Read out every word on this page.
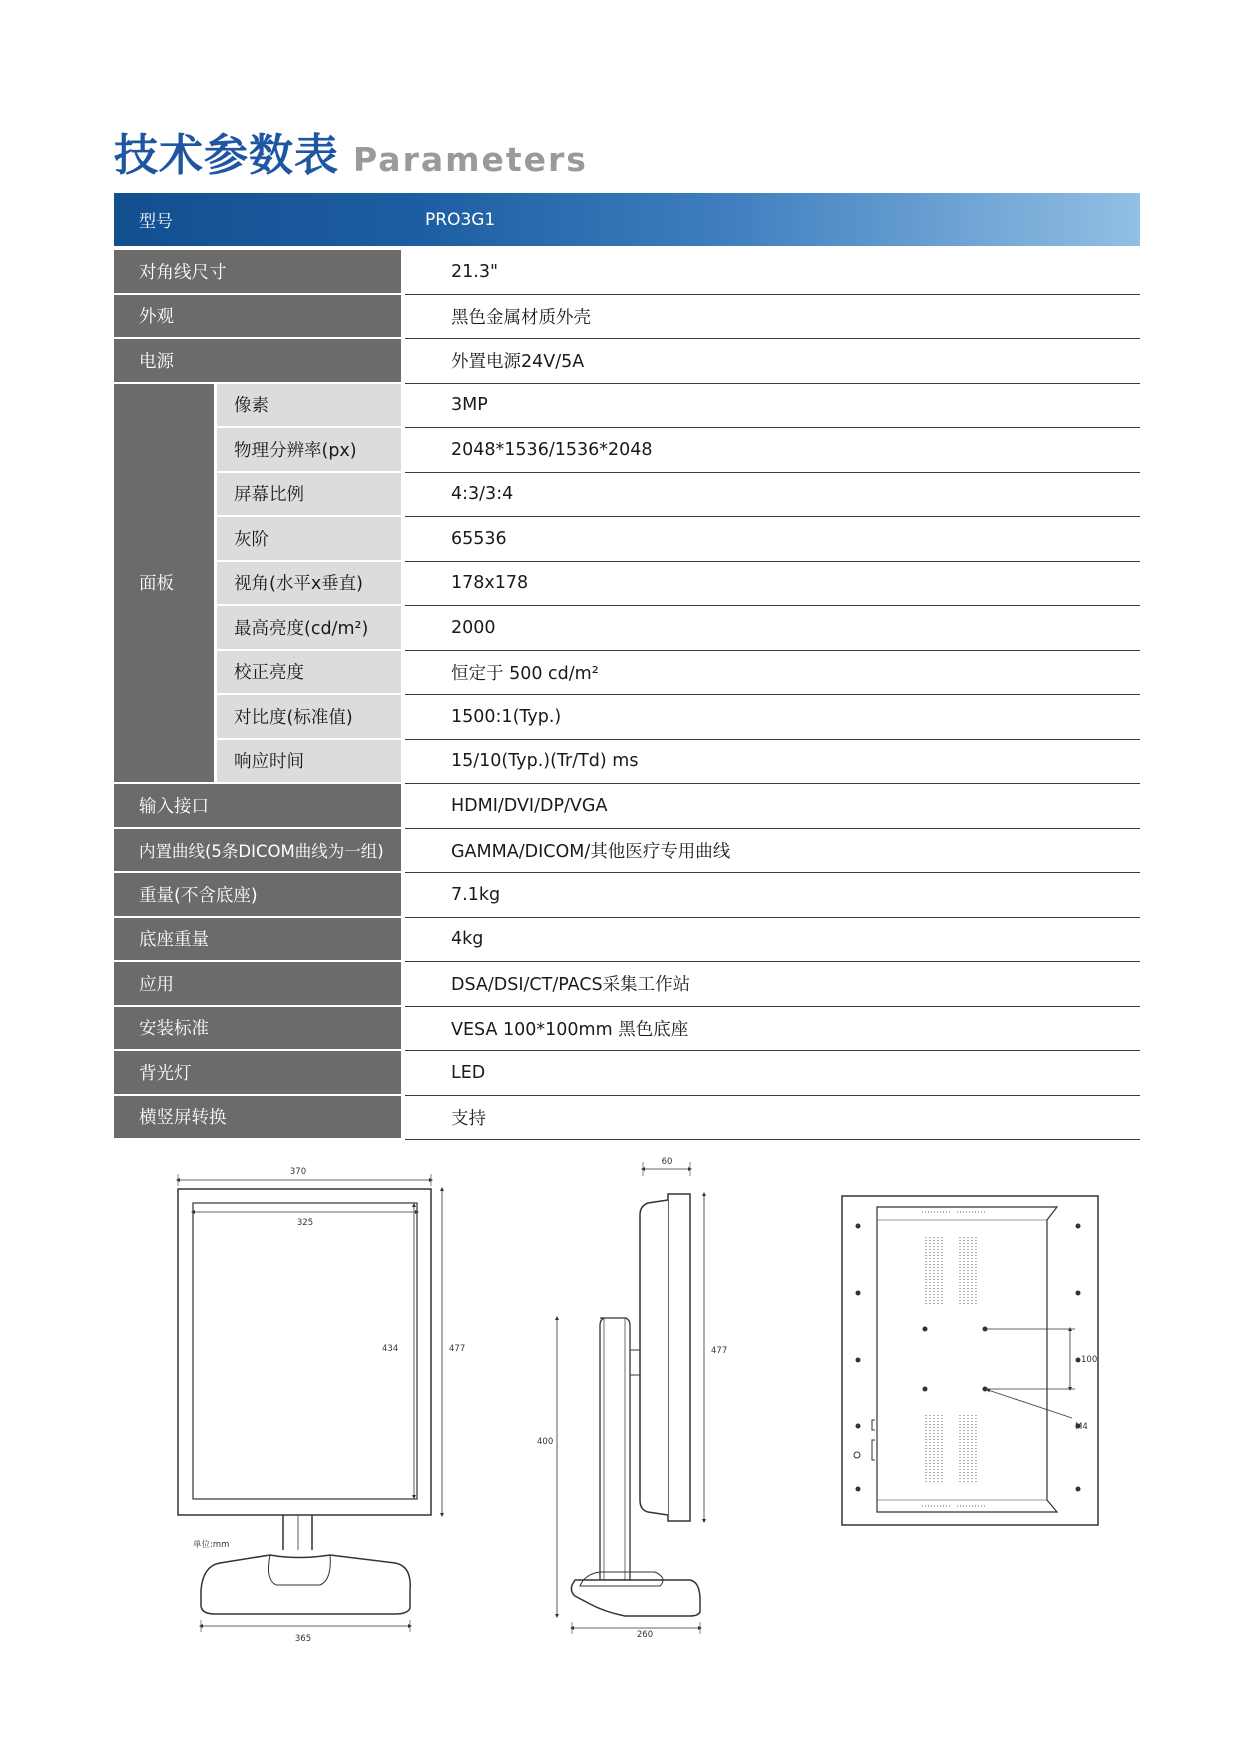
技术参数表 Parameters
型号	PRO3G1
对角线尺寸	21.3"
外观	黑色金属材质外壳
电源	外置电源24V/5A
面板
像素	3MP
物理分辨率(px)	2048*1536/1536*2048
屏幕比例	4:3/3:4
灰阶	65536
视角(水平x垂直)	178x178
最高亮度(cd/m²)	2000
校正亮度	恒定于 500 cd/m²
对比度(标准值)	1500:1(Typ.)
响应时间	15/10(Typ.)(Tr/Td) ms
输入接口	HDMI/DVI/DP/VGA
内置曲线(5条DICOM曲线为一组)	GAMMA/DICOM/其他医疗专用曲线
重量(不含底座)	7.1kg
底座重量	4kg
应用	DSA/DSI/CT/PACS采集工作站
安装标准	VESA 100*100mm 黑色底座
背光灯	LED
横竖屏转换	支持
370
325
434	477
365
单位:mm
60
477
400
260
100
M4
